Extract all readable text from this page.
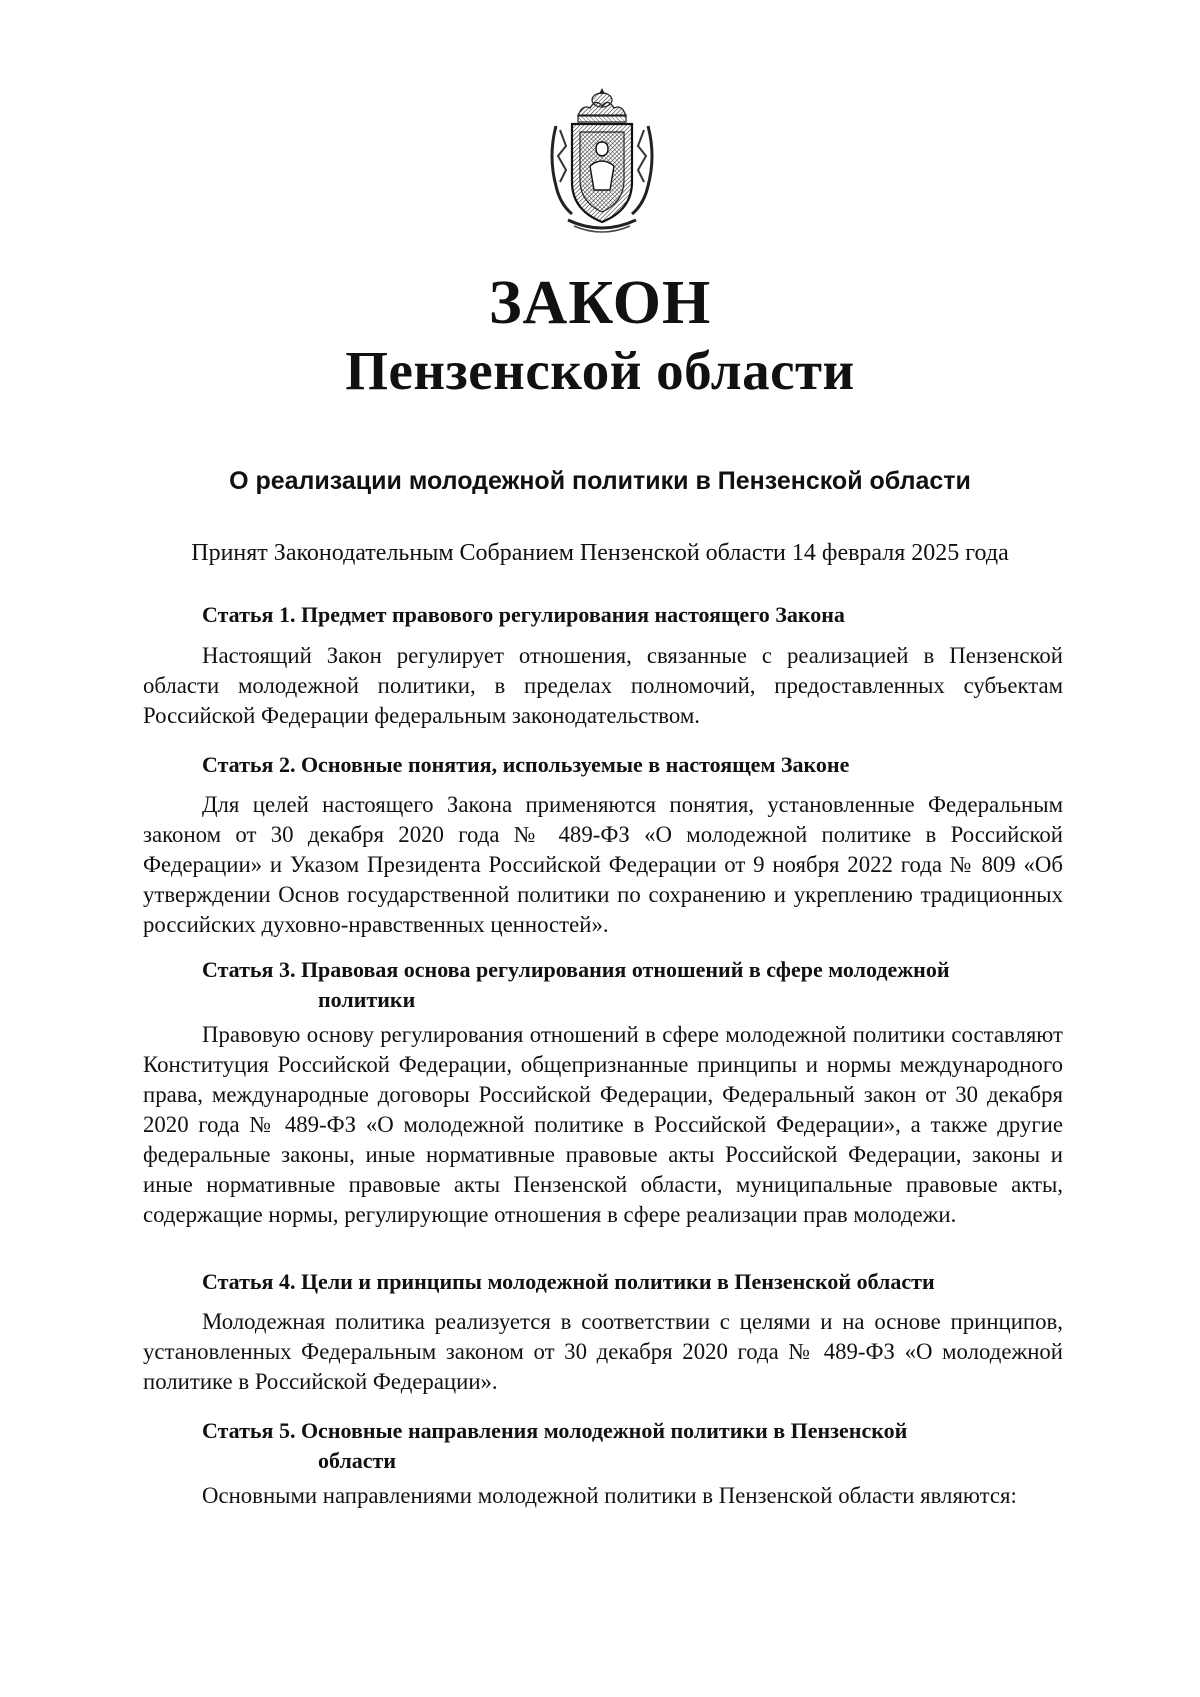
ЗАКОН
Пензенской области
О реализации молодежной политики в Пензенской области
Принят Законодательным Собранием Пензенской области 14 февраля 2025 года
Статья 1. Предмет правового регулирования настоящего Закона
Настоящий Закон регулирует отношения, связанные с реализацией в Пензенской области молодежной политики, в пределах полномочий, предоставленных субъектам Российской Федерации федеральным законодательством.
Статья 2. Основные понятия, используемые в настоящем Законе
Для целей настоящего Закона применяются понятия, установленные Федеральным законом от 30 декабря 2020 года № 489-ФЗ «О молодежной политике в Российской Федерации» и Указом Президента Российской Федерации от 9 ноября 2022 года № 809 «Об утверждении Основ государственной политики по сохранению и укреплению традиционных российских духовно-нравственных ценностей».
Статья 3. Правовая основа регулирования отношений в сфере молодежной
политики
Правовую основу регулирования отношений в сфере молодежной политики составляют Конституция Российской Федерации, общепризнанные принципы и нормы международного права, международные договоры Российской Федерации, Федеральный закон от 30 декабря 2020 года № 489-ФЗ «О молодежной политике в Российской Федерации», а также другие федеральные законы, иные нормативные правовые акты Российской Федерации, законы и иные нормативные правовые акты Пензенской области, муниципальные правовые акты, содержащие нормы, регулирующие отношения в сфере реализации прав молодежи.
Статья 4. Цели и принципы молодежной политики в Пензенской области
Молодежная политика реализуется в соответствии с целями и на основе принципов, установленных Федеральным законом от 30 декабря 2020 года № 489-ФЗ «О молодежной политике в Российской Федерации».
Статья 5. Основные направления молодежной политики в Пензенской
области
Основными направлениями молодежной политики в Пензенской области являются:
